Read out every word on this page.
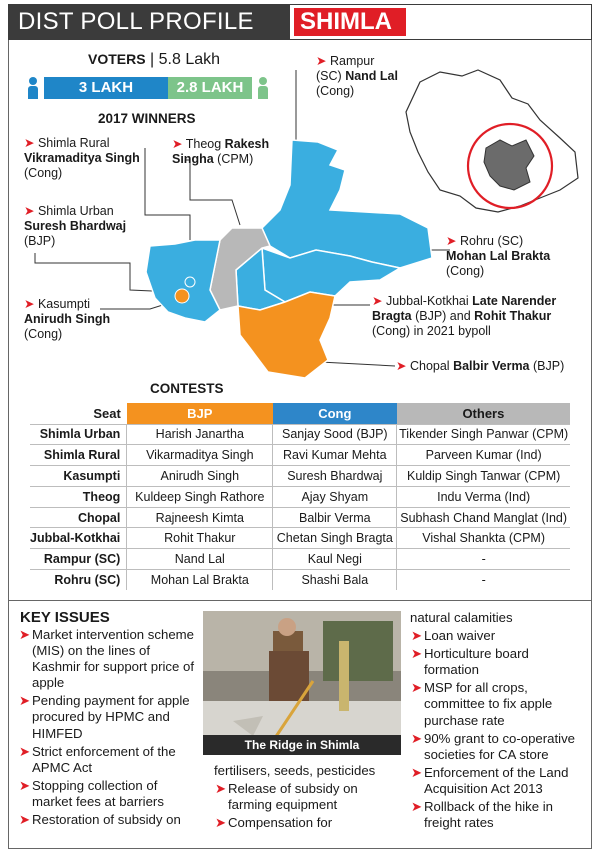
DIST POLL PROFILE	SHIMLA
VOTERS | 5.8 Lakh
3 LAKH	2.8 LAKH
2017 WINNERS
➤ Rampur (SC) Nand Lal (Cong)
➤ Shimla Rural Vikramaditya Singh (Cong)
➤ Theog Rakesh Singha (CPM)
➤ Shimla Urban Suresh Bhardwaj (BJP)	➤ Rohru (SC) Mohan Lal Brakta (Cong)
➤ Kasumpti Anirudh Singh (Cong)
➤ Jubbal-Kotkhai Late Narender Bragta (BJP) and Rohit Thakur (Cong) in 2021 bypoll
➤ Chopal Balbir Verma (BJP)
CONTESTS
Seat	BJP	Cong	Others
Shimla Urban	Harish Janartha	Sanjay Sood (BJP)	Tikender Singh Panwar (CPM)
Shimla Rural	Vikarmaditya Singh	Ravi Kumar Mehta	Parveen Kumar (Ind)
Kasumpti	Anirudh Singh	Suresh Bhardwaj	Kuldip Singh Tanwar (CPM)
Theog	Kuldeep Singh Rathore	Ajay Shyam	Indu Verma (Ind)
Chopal	Rajneesh Kimta	Balbir Verma	Subhash Chand Manglat (Ind)
Jubbal-Kotkhai	Rohit Thakur	Chetan Singh Bragta	Vishal Shankta (CPM)
Rampur (SC)	Nand Lal	Kaul Negi	-
Rohru (SC)	Mohan Lal Brakta	Shashi Bala	-
KEY ISSUES
➤ Market intervention scheme (MIS) on the lines of Kashmir for support price of apple
➤ Pending payment for apple procured by HPMC and HIMFED
➤ Strict enforcement of the APMC Act
➤ Stopping collection of market fees at barriers
➤ Restoration of subsidy on
The Ridge in Shimla
fertilisers, seeds, pesticides
➤ Release of subsidy on farming equipment
➤ Compensation for
natural calamities
➤ Loan waiver
➤ Horticulture board formation
➤ MSP for all crops, committee to fix apple purchase rate
➤ 90% grant to co-operative societies for CA store
➤ Enforcement of the Land Acquisition Act 2013
➤ Rollback of the hike in freight rates
